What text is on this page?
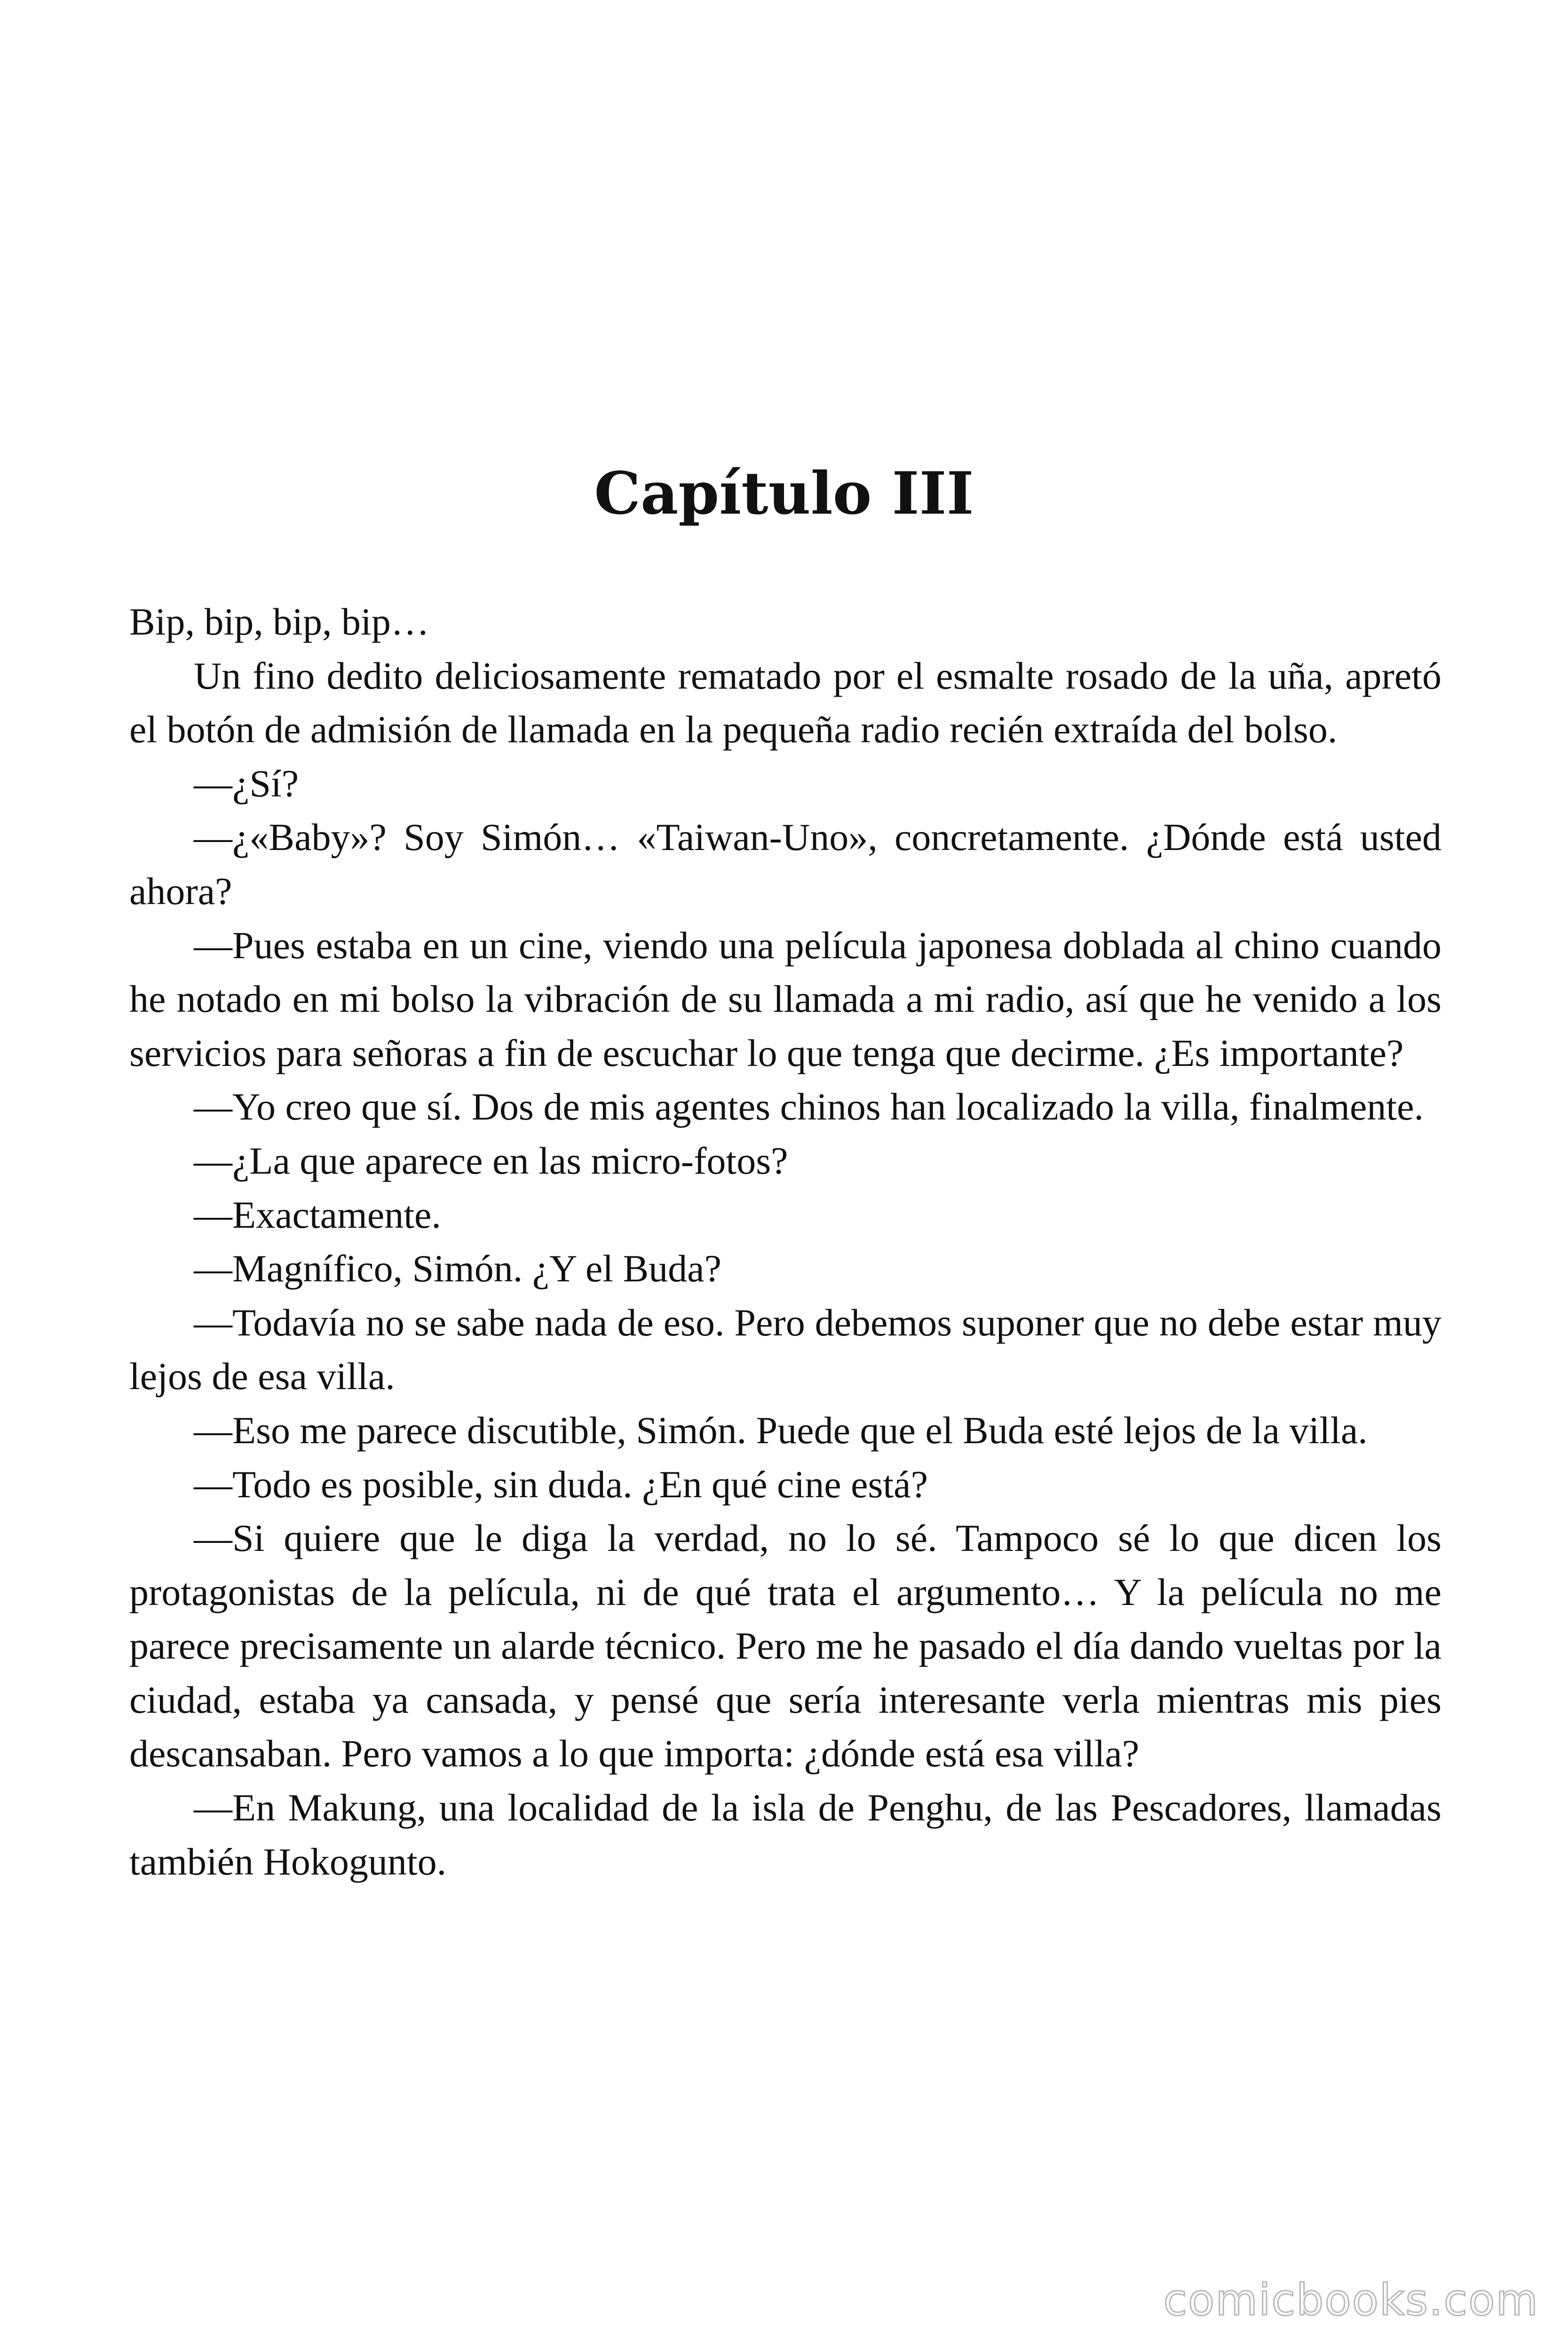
Capítulo III

Bip, bip, bip, bip…

Un fino dedito deliciosamente rematado por el esmalte rosado de la uña, apretó el botón de admisión de llamada en la pequeña radio recién extraída del bolso.

—¿Sí?

—¿«Baby»? Soy Simón… «Taiwan-Uno», concretamente. ¿Dónde está usted ahora?

—Pues estaba en un cine, viendo una película japonesa doblada al chino cuando he notado en mi bolso la vibración de su llamada a mi radio, así que he venido a los servicios para señoras a fin de escuchar lo que tenga que decirme. ¿Es importante?

—Yo creo que sí. Dos de mis agentes chinos han localizado la villa, finalmente.

—¿La que aparece en las micro-fotos?

—Exactamente.

—Magnífico, Simón. ¿Y el Buda?

—Todavía no se sabe nada de eso. Pero debemos suponer que no debe estar muy lejos de esa villa.

—Eso me parece discutible, Simón. Puede que el Buda esté lejos de la villa.

—Todo es posible, sin duda. ¿En qué cine está?

—Si quiere que le diga la verdad, no lo sé. Tampoco sé lo que dicen los protagonistas de la película, ni de qué trata el argumento… Y la película no me parece precisamente un alarde técnico. Pero me he pasado el día dando vueltas por la ciudad, estaba ya cansada, y pensé que sería interesante verla mientras mis pies descansaban. Pero vamos a lo que importa: ¿dónde está esa villa?

—En Makung, una localidad de la isla de Penghu, de las Pescadores, llamadas también Hokogunto.

comicbooks.com
